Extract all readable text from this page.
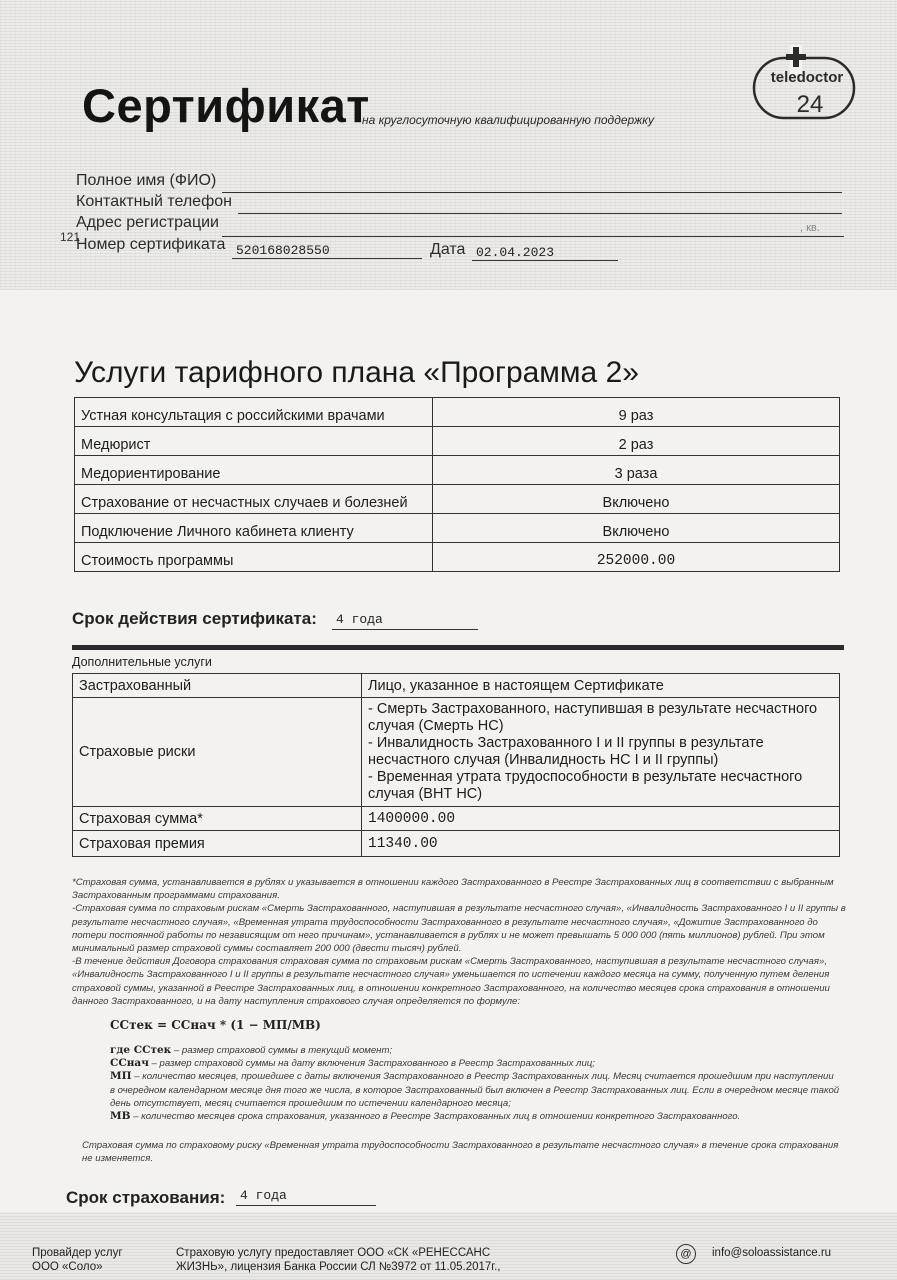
Сертификат
на круглосуточную квалифицированную поддержку
teledoctor
24
Полное имя (ФИО)
Контактный телефон
Адрес регистрации	, кв.
121
Номер сертификата 520168028550	Дата 02.04.2023
Услуги тарифного плана «Программа 2»
Устная консультация с российскими врачами	9 раз
Медюрист	2 раз
Медориентирование	3 раза
Страхование от несчастных случаев и болезней	Включено
Подключение Личного кабинета клиенту	Включено
Стоимость программы	252000.00
Срок действия сертификата: 4 года
Дополнительные услуги
Застрахованный	Лицо, указанное в настоящем Сертификате
Страховые риски	- Смерть Застрахованного, наступившая в результате несчастного случая (Смерть НС)
- Инвалидность Застрахованного I и II группы в результате несчастного случая (Инвалидность НС I и II группы)
- Временная утрата трудоспособности в результате несчастного случая (ВНТ НС)

Страховая сумма*	1400000.00
Страховая премия	11340.00

*Страховая сумма, устанавливается в рублях и указывается в отношении каждого Застрахованного в Реестре Застрахованных лиц в соответствии с выбранным Застрахованным программами страхования.

-Страховая сумма по страховым рискам «Смерть Застрахованного, наступившая в результате несчастного случая», «Инвалидность Застрахованного I и II группы в результате несчастного случая», «Временная утрата трудоспособности Застрахованного в результате несчастного случая», «Дожитие Застрахованного до потери постоянной работы по независящим от него причинам», устанавливается в рублях и не может превышать 5 000 000 (пять миллионов) рублей. При этом минимальный размер страховой суммы составляет 200 000 (двести тысяч) рублей.

-В течение действия Договора страхования страховая сумма по страховым рискам «Смерть Застрахованного, наступившая в результате несчастного случая», «Инвалидность Застрахованного I и II группы в результате несчастного случая» уменьшается по истечении каждого месяца на сумму, полученную путем деления страховой суммы, указанной в Реестре Застрахованных лиц, в отношении конкретного Застрахованного, на количество месяцев срока страхования в отношении данного Застрахованного, и на дату наступления страхового случая определяется по формуле:

CCтек = CCнач * (1 − МП/МВ)
где CCтек – размер страховой суммы в текущий момент;
CCнач – размер страховой суммы на дату включения Застрахованного в Реестр Застрахованных лиц;
МП – количество месяцев, прошедшее с даты включения Застрахованного в Реестр Застрахованных лиц. Месяц считается прошедшим при наступлении в очередном календарном месяце дня того же числа, в которое Застрахованный был включен в Реестр Застрахованных лиц. Если в очередном месяце такой день отсутствует, месяц считается прошедшим по истечении календарного месяца;
МВ – количество месяцев срока страхования, указанного в Реестре Застрахованных лиц в отношении конкретного Застрахованного.
Страховая сумма по страховому риску «Временная утрата трудоспособности Застрахованного в результате несчастного случая» в течение срока страхования не изменяется.
Срок страхования: 4 года
Провайдер услуг
ООО «Соло»
Страховую услугу предоставляет ООО «СК «РЕНЕССАНС ЖИЗНЬ», лицензия Банка России СЛ №3972 от 11.05.2017г.,
@	info@soloassistance.ru
